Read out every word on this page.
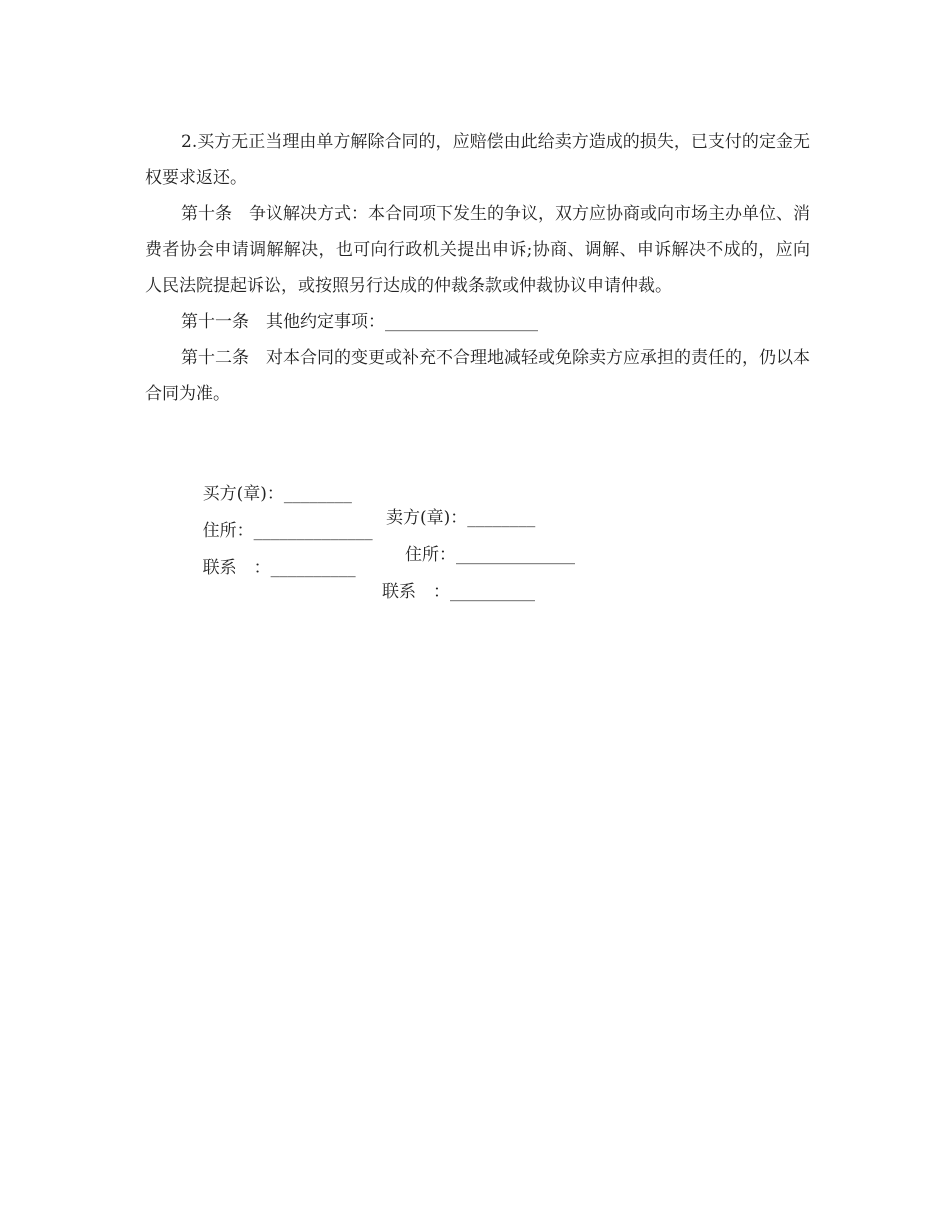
2.买方无正当理由单方解除合同的，应赔偿由此给卖方造成的损失，已支付的定金无权要求返还。

第十条　争议解决方式：本合同项下发生的争议，双方应协商或向市场主办单位、消费者协会申请调解解决，也可向行政机关提出申诉;协商、调解、申诉解决不成的，应向人民法院提起诉讼，或按照另行达成的仲裁条款或仲裁协议申请仲裁。

第十一条　其他约定事项：__________________

第十二条　对本合同的变更或补充不合理地减轻或免除卖方应承担的责任的，仍以本合同为准。

买方(章)：________

卖方(章)：________

住所：______________

住所：______________

联系　：__________

联系　：__________
